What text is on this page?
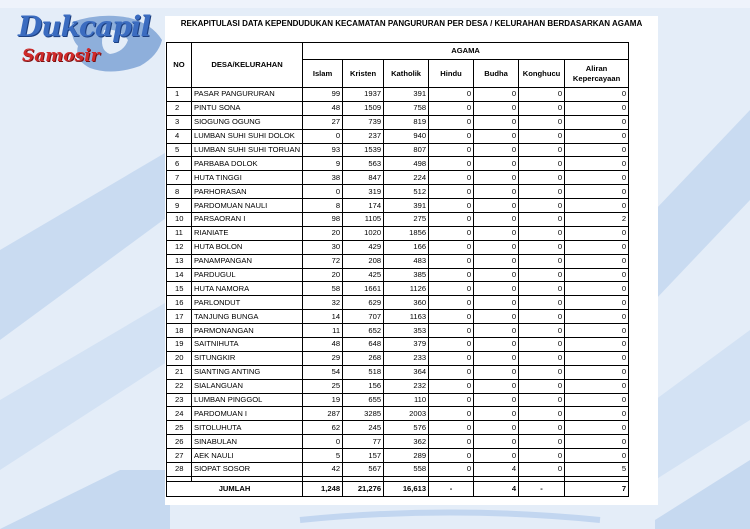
Dukcapil
Samosir
REKAPITULASI DATA KEPENDUDUKAN KECAMATAN PANGURURAN PER DESA / KELURAHAN BERDASARKAN AGAMA
NO	DESA/KELURAHAN	AGAMA						
		Islam	Kristen	Katholik	Hindu	Budha	Konghucu	Aliran Kepercayaan
1	PASAR PANGURURAN	99	1937	391	0	0	0	0
2	PINTU SONA	48	1509	758	0	0	0	0
3	SIOGUNG OGUNG	27	739	819	0	0	0	0
4	LUMBAN SUHI SUHI DOLOK	0	237	940	0	0	0	0
5	LUMBAN SUHI SUHI TORUAN	93	1539	807	0	0	0	0
6	PARBABA DOLOK	9	563	498	0	0	0	0
7	HUTA TINGGI	38	847	224	0	0	0	0
8	PARHORASAN	0	319	512	0	0	0	0
9	PARDOMUAN NAULI	8	174	391	0	0	0	0
10	PARSAORAN I	98	1105	275	0	0	0	2
11	RIANIATE	20	1020	1856	0	0	0	0
12	HUTA BOLON	30	429	166	0	0	0	0
13	PANAMPANGAN	72	208	483	0	0	0	0
14	PARDUGUL	20	425	385	0	0	0	0
15	HUTA NAMORA	58	1661	1126	0	0	0	0
16	PARLONDUT	32	629	360	0	0	0	0
17	TANJUNG BUNGA	14	707	1163	0	0	0	0
18	PARMONANGAN	11	652	353	0	0	0	0
19	SAITNIHUTA	48	648	379	0	0	0	0
20	SITUNGKIR	29	268	233	0	0	0	0
21	SIANTING ANTING	54	518	364	0	0	0	0
22	SIALANGUAN	25	156	232	0	0	0	0
23	LUMBAN PINGGOL	19	655	110	0	0	0	0
24	PARDOMUAN I	287	3285	2003	0	0	0	0
25	SITOLUHUTA	62	245	576	0	0	0	0
26	SINABULAN	0	77	362	0	0	0	0
27	AEK NAULI	5	157	289	0	0	0	0
28	SIOPAT SOSOR	42	567	558	0	4	0	5

JUMLAH		1,248	21,276	16,613	-	4	-	7
